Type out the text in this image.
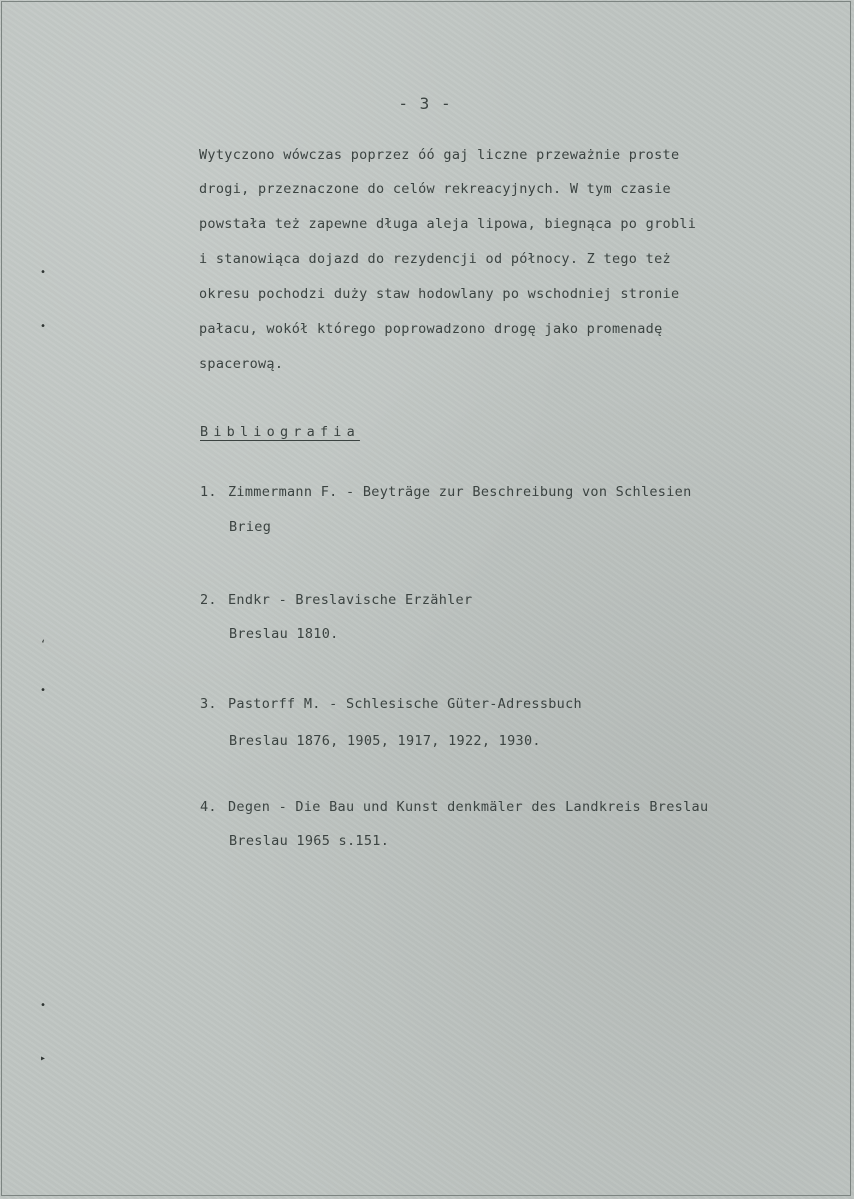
- 3 -
Wytyczono wówczas poprzez óó gaj liczne przeważnie proste
drogi, przeznaczone do celów rekreacyjnych. W tym czasie
powstała też zapewne długa aleja lipowa, biegnąca po grobli
i stanowiąca dojazd do rezydencji od północy. Z tego też
okresu pochodzi duży staw hodowlany po wschodniej stronie
pałacu, wokół którego poprowadzono drogę jako promenadę
spacerową.
Bibliografia
1. Zimmermann F. - Beyträge zur Beschreibung von Schlesien
Brieg
2. Endkr - Breslavische Erzähler
Breslau 1810.
3. Pastorff M. - Schlesische Güter-Adressbuch
Breslau 1876, 1905, 1917, 1922, 1930.
4. Degen - Die Bau und Kunst denkmäler des Landkreis Breslau
Breslau 1965 s.151.
•
•
ʻ
•
•
▸
